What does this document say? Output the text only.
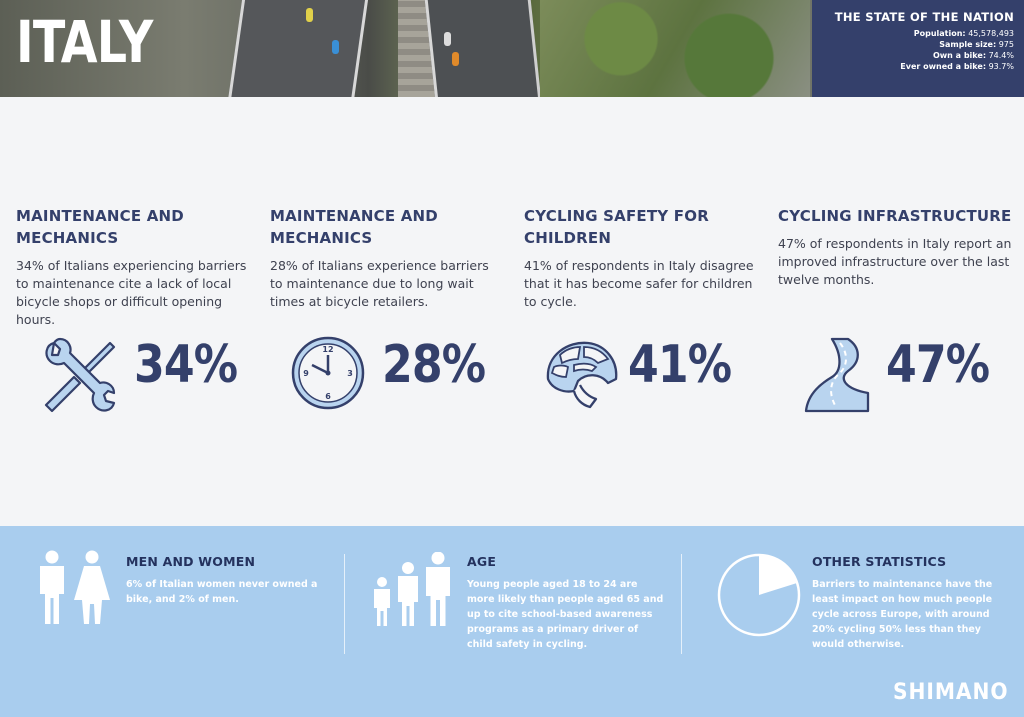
ITALY	THE STATE OF THE NATION
Population: 45,578,493
Sample size: 975
Own a bike: 74.4%
Ever owned a bike: 93.7%
MAINTENANCE AND MECHANICS

34% of Italians experiencing barriers to maintenance cite a lack of local bicycle shops or difficult opening hours.

34%
MAINTENANCE AND MECHANICS

28% of Italians experience barriers to maintenance due to long wait times at bicycle retailers.

12
3
6
9 28%
CYCLING SAFETY FOR CHILDREN

41% of respondents in Italy disagree that it has become safer for children to cycle.

41%
CYCLING INFRASTRUCTURE

47% of respondents in Italy report an improved infrastructure over the last twelve months.

47%
MEN AND WOMEN

6% of Italian women never owned a bike, and 2% of men.

AGE

Young people aged 18 to 24 are more likely than people aged 65 and up to cite school-based awareness programs as a primary driver of child safety in cycling.

OTHER STATISTICS

Barriers to maintenance have the least impact on how much people cycle across Europe, with around 20% cycling 50% less than they would otherwise.

SHIMANO
